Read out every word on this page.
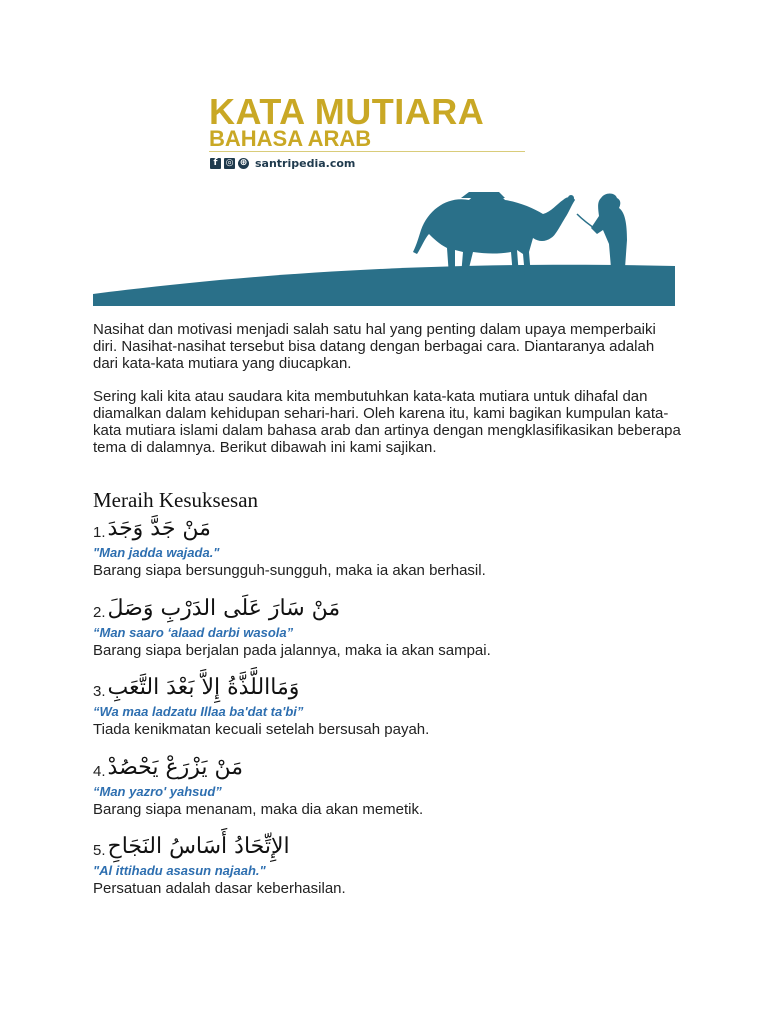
KATA MUTIARA
BAHASA ARAB
f ◎ ⊕ santripedia.com

Nasihat dan motivasi menjadi salah satu hal yang penting dalam upaya memperbaiki diri. Nasihat-nasihat tersebut bisa datang dengan berbagai cara. Diantaranya adalah dari kata-kata mutiara yang diucapkan.

Sering kali kita atau saudara kita membutuhkan kata-kata mutiara untuk dihafal dan diamalkan dalam kehidupan sehari-hari. Oleh karena itu, kami bagikan kumpulan kata-kata mutiara islami dalam bahasa arab dan artinya dengan mengklasifikasikan beberapa tema di dalamnya. Berikut dibawah ini kami sajikan.

Meraih Kesuksesan
1. مَنْ جَدَّ وَجَدَ
"Man jadda wajada."
Barang siapa bersungguh-sungguh, maka ia akan berhasil.
2. مَنْ سَارَ عَلَى الدَرْبِ وَصَلَ
“Man saaro ‘alaad darbi wasola”
Barang siapa berjalan pada jalannya, maka ia akan sampai.
3. وَمَااللَّذَّةُ إِلاَّ بَعْدَ التَّعَبِ
“Wa maa ladzatu Illaa ba'dat ta'bi”
Tiada kenikmatan kecuali setelah bersusah payah.
4. مَنْ يَزْرَعْ يَحْصُدْ
“Man yazro' yahsud”
Barang siapa menanam, maka dia akan memetik.
5. الإِتِّحَادُ أَسَاسُ النَجَاحِ
"Al ittihadu asasun najaah."
Persatuan adalah dasar keberhasilan.
